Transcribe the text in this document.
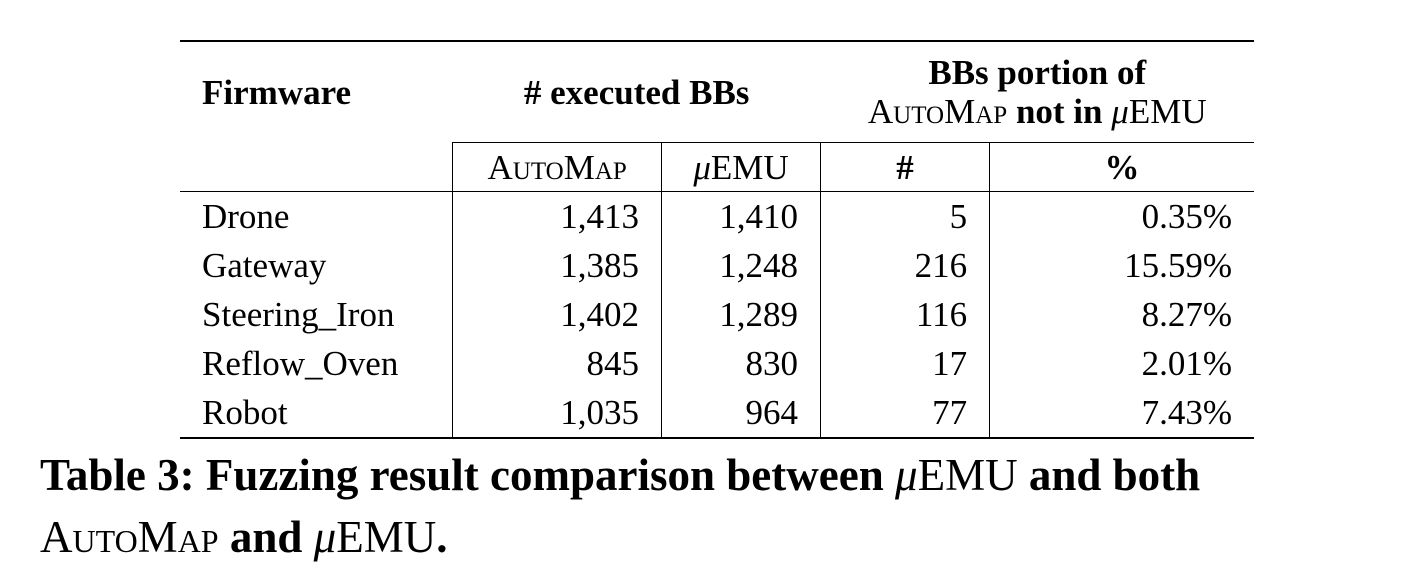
Firmware	# executed BBs		BBs portion of	
			AutoMap not in μEMU	
	AutoMap	μEMU	#	%
Drone	1,413	1,410	5	0.35%
Gateway	1,385	1,248	216	15.59%
Steering_Iron	1,402	1,289	116	8.27%
Reflow_Oven	845	830	17	2.01%
Robot	1,035	964	77	7.43%
Table 3: Fuzzing result comparison between μEMU and both
AutoMap and μEMU.
